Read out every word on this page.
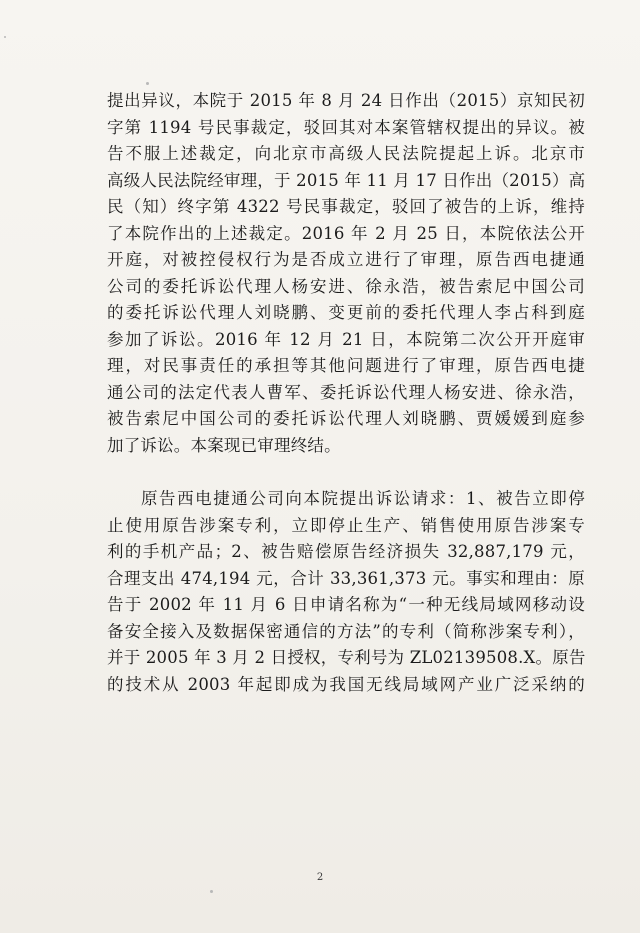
提出异议，本院于 2015 年 8 月 24 日作出（2015）京知民初
字第 1194 号民事裁定，驳回其对本案管辖权提出的异议。被
告不服上述裁定，向北京市高级人民法院提起上诉。北京市
高级人民法院经审理，于 2015 年 11 月 17 日作出（2015）高
民（知）终字第 4322 号民事裁定，驳回了被告的上诉，维持
了本院作出的上述裁定。2016 年 2 月 25 日，本院依法公开
开庭，对被控侵权行为是否成立进行了审理，原告西电捷通
公司的委托诉讼代理人杨安进、徐永浩，被告索尼中国公司
的委托诉讼代理人刘晓鹏、变更前的委托代理人李占科到庭
参加了诉讼。2016 年 12 月 21 日，本院第二次公开开庭审
理，对民事责任的承担等其他问题进行了审理，原告西电捷
通公司的法定代表人曹军、委托诉讼代理人杨安进、徐永浩，
被告索尼中国公司的委托诉讼代理人刘晓鹏、贾媛媛到庭参
加了诉讼。本案现已审理终结。
原告西电捷通公司向本院提出诉讼请求：1、被告立即停
止使用原告涉案专利，立即停止生产、销售使用原告涉案专
利的手机产品；2、被告赔偿原告经济损失 32,887,179 元，
合理支出 474,194 元，合计 33,361,373 元。事实和理由：原
告于 2002 年 11 月 6 日申请名称为“一种无线局域网移动设
备安全接入及数据保密通信的方法”的专利（简称涉案专利），
并于 2005 年 3 月 2 日授权，专利号为 ZL02139508.X。原告
的技术从 2003 年起即成为我国无线局域网产业广泛采纳的
2
